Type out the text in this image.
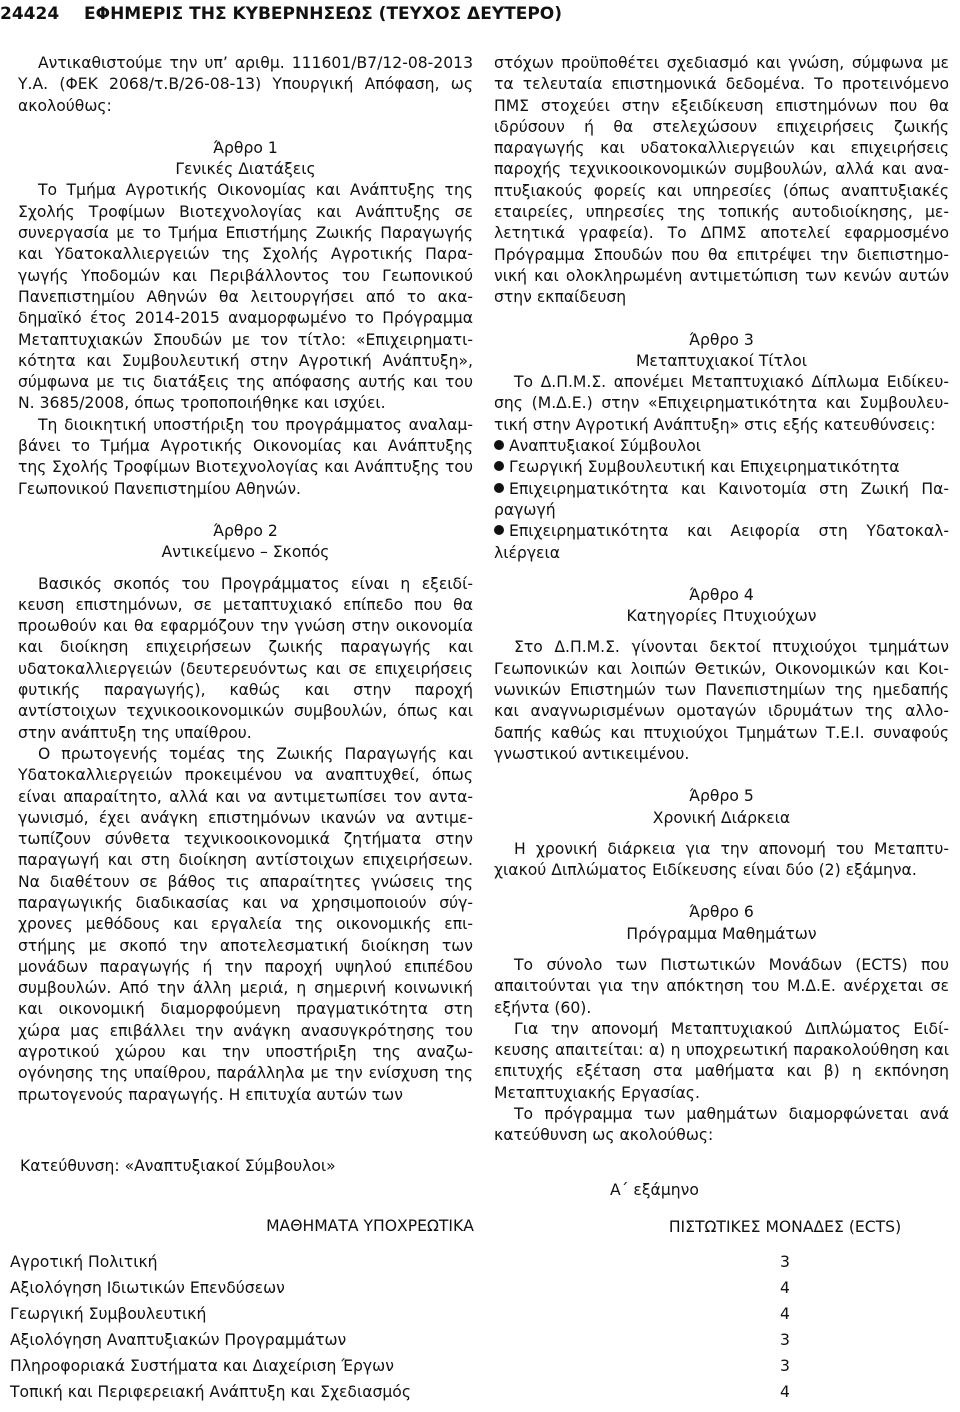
24424 ΕΦΗΜΕΡΙΣ ΤΗΣ ΚΥΒΕΡΝΗΣΕΩΣ (ΤΕΥΧΟΣ ΔΕΥΤΕΡΟ)

Αντικαθιστούμε την υπ’ αριθμ. 111601/Β7/12-08-2013 Υ.Α. (ΦΕΚ 2068/τ.Β/26-08-13) Υπουργική Απόφαση, ως ακολούθως:

Άρθρο 1

Γενικές Διατάξεις

Το Τμήμα Αγροτικής Οικονομίας και Ανάπτυξης της Σχολής Τροφίμων Βιοτεχνολογίας και Ανάπτυξης σε συνεργασία με το Τμήμα Επιστήμης Ζωικής Παραγωγής και Υδατοκαλλιεργειών της Σχολής Αγροτικής Παραγωγής Υποδομών και Περιβάλλοντος του Γεωπονικού Πανεπιστημίου Αθηνών θα λειτουργήσει από το ακαδημαϊκό έτος 2014-2015 αναμορφωμένο το Πρόγραμμα Μεταπτυχιακών Σπουδών με τον τίτλο: «Επιχειρηματικότητα και Συμβουλευτική στην Αγροτική Ανάπτυξη», σύμφωνα με τις διατάξεις της απόφασης αυτής και του Ν. 3685/2008, όπως τροποποιήθηκε και ισχύει.

Τη διοικητική υποστήριξη του προγράμματος αναλαμβάνει το Τμήμα Αγροτικής Οικονομίας και Ανάπτυξης της Σχολής Τροφίμων Βιοτεχνολογίας και Ανάπτυξης του Γεωπονικού Πανεπιστημίου Αθηνών.

Άρθρο 2

Αντικείμενο – Σκοπός

Βασικός σκοπός του Προγράμματος είναι η εξειδίκευση επιστημόνων, σε μεταπτυχιακό επίπεδο που θα προωθούν και θα εφαρμόζουν την γνώση στην οικονομία και διοίκηση επιχειρήσεων ζωικής παραγωγής και υδατοκαλλιεργειών (δευτερευόντως και σε επιχειρήσεις φυτικής παραγωγής), καθώς και στην παροχή αντίστοιχων τεχνικοοικονομικών συμβουλών, όπως και στην ανάπτυξη της υπαίθρου.

Ο πρωτογενής τομέας της Ζωικής Παραγωγής και Υδατοκαλλιεργειών προκειμένου να αναπτυχθεί, όπως είναι απαραίτητο, αλλά και να αντιμετωπίσει τον ανταγωνισμό, έχει ανάγκη επιστημόνων ικανών να αντιμετωπίζουν σύνθετα τεχνικοοικονομικά ζητήματα στην παραγωγή και στη διοίκηση αντίστοιχων επιχειρήσεων. Να διαθέτουν σε βάθος τις απαραίτητες γνώσεις της παραγωγικής διαδικασίας και να χρησιμοποιούν σύγχρονες μεθόδους και εργαλεία της οικονομικής επιστήμης με σκοπό την αποτελεσματική διοίκηση των μονάδων παραγωγής ή την παροχή υψηλού επιπέδου συμβουλών. Από την άλλη μεριά, η σημερινή κοινωνική και οικονομική διαμορφούμενη πραγματικότητα στη χώρα μας επιβάλλει την ανάγκη ανασυγκρότησης του αγροτικού χώρου και την υποστήριξη της αναζωογόνησης της υπαίθρου, παράλληλα με την ενίσχυση της πρωτογενούς παραγωγής. Η επιτυχία αυτών των

στόχων προϋποθέτει σχεδιασμό και γνώση, σύμφωνα με τα τελευταία επιστημονικά δεδομένα. Το προτεινόμενο ΠΜΣ στοχεύει στην εξειδίκευση επιστημόνων που θα ιδρύσουν ή θα στελεχώσουν επιχειρήσεις ζωικής παραγωγής και υδατοκαλλιεργειών και επιχειρήσεις παροχής τεχνικοοικονομικών συμβουλών, αλλά και αναπτυξιακούς φορείς και υπηρεσίες (όπως αναπτυξιακές εταιρείες, υπηρεσίες της τοπικής αυτοδιοίκησης, μελετητικά γραφεία). Το ΔΠΜΣ αποτελεί εφαρμοσμένο Πρόγραμμα Σπουδών που θα επιτρέψει την διεπιστημονική και ολοκληρωμένη αντιμετώπιση των κενών αυτών στην εκπαίδευση

Άρθρο 3

Μεταπτυχιακοί Τίτλοι

Το Δ.Π.Μ.Σ. απονέμει Μεταπτυχιακό Δίπλωμα Ειδίκευσης (Μ.Δ.Ε.) στην «Επιχειρηματικότητα και Συμβουλευτική στην Αγροτική Ανάπτυξη» στις εξής κατευθύνσεις:

Αναπτυξιακοί Σύμβουλοι

Γεωργική Συμβουλευτική και Επιχειρηματικότητα

Επιχειρηματικότητα και Καινοτομία στη Ζωική Παραγωγή

Επιχειρηματικότητα και Αειφορία στη Υδατοκαλλιέργεια

Άρθρο 4

Κατηγορίες Πτυχιούχων

Στο Δ.Π.Μ.Σ. γίνονται δεκτοί πτυχιούχοι τμημάτων Γεωπονικών και λοιπών Θετικών, Οικονομικών και Κοινωνικών Επιστημών των Πανεπιστημίων της ημεδαπής και αναγνωρισμένων ομοταγών ιδρυμάτων της αλλοδαπής καθώς και πτυχιούχοι Τμημάτων Τ.Ε.Ι. συναφούς γνωστικού αντικειμένου.

Άρθρο 5

Χρονική Διάρκεια

Η χρονική διάρκεια για την απονομή του Μεταπτυχιακού Διπλώματος Ειδίκευσης είναι δύο (2) εξάμηνα.

Άρθρο 6

Πρόγραμμα Μαθημάτων

Το σύνολο των Πιστωτικών Μονάδων (ECTS) που απαιτούνται για την απόκτηση του Μ.Δ.Ε. ανέρχεται σε εξήντα (60).

Για την απονομή Μεταπτυχιακού Διπλώματος Ειδίκευσης απαιτείται: α) η υποχρεωτική παρακολούθηση και επιτυχής εξέταση στα μαθήματα και β) η εκπόνηση Μεταπτυχιακής Εργασίας.

Το πρόγραμμα των μαθημάτων διαμορφώνεται ανά κατεύθυνση ως ακολούθως:

Κατεύθυνση: «Αναπτυξιακοί Σύμβουλοι»
	Α΄ εξάμηνο
ΜΑΘΗΜΑΤΑ ΥΠΟΧΡΕΩΤΙΚΑ	ΠΙΣΤΩΤΙΚΕΣ ΜΟΝΑΔΕΣ (ECTS)
Αγροτική Πολιτική	3
Αξιολόγηση Ιδιωτικών Επενδύσεων	4
Γεωργική Συμβουλευτική	4
Αξιολόγηση Αναπτυξιακών Προγραμμάτων	3
Πληροφοριακά Συστήματα και Διαχείριση Έργων	3
Τοπική και Περιφερειακή Ανάπτυξη και Σχεδιασμός	4
